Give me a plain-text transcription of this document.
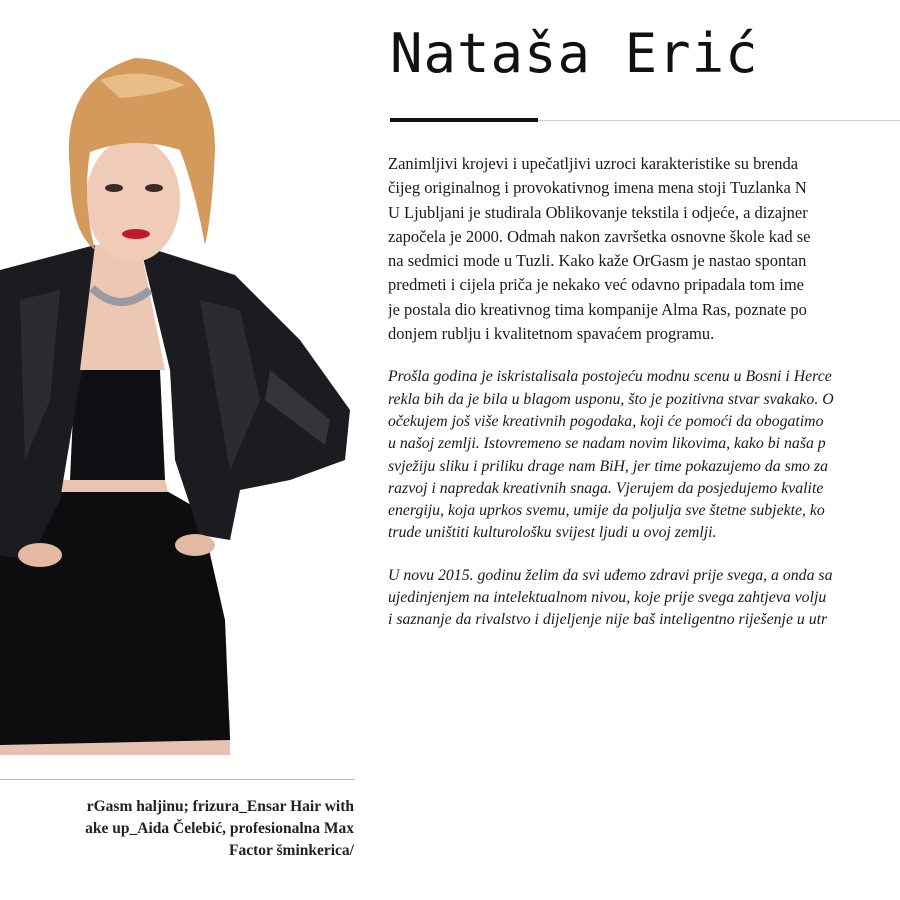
rGasm haljinu; frizura_Ensar Hair with
ake up_Aida Čelebić, profesionalna Max
Factor šminkerica/
Nataša Erić

Zanimljivi krojevi i upečatljivi uzroci karakteristike su brenda
čijeg originalnog i provokativnog imena mena stoji Tuzlanka N
U Ljubljani je studirala Oblikovanje tekstila i odjeće, a dizajner
započela je 2000. Odmah nakon završetka osnovne škole kad se
na sedmici mode u Tuzli. Kako kaže OrGasm je nastao spontan
predmeti i cijela priča je nekako već odavno pripadala tom ime
je postala dio kreativnog tima kompanije Alma Ras, poznate po
donjem rublju i kvalitetnom spavaćem programu.

Prošla godina je iskristalisala postojeću modnu scenu u Bosni i Herce
rekla bih da je bila u blagom usponu, što je pozitivna stvar svakako. O
očekujem još više kreativnih pogodaka, koji će pomoći da obogatimo
u našoj zemlji. Istovremeno se nadam novim likovima, kako bi naša p
svježiju sliku i priliku drage nam BiH, jer time pokazujemo da smo za
razvoj i napredak kreativnih snaga. Vjerujem da posjedujemo kvalite
energiju, koja uprkos svemu, umije da poljulja sve štetne subjekte, ko
trude uništiti kulturološku svijest ljudi u ovoj zemlji.

U novu 2015. godinu želim da svi uđemo zdravi prije svega, a onda sa
ujedinjenjem na intelektualnom nivou, koje prije svega zahtjeva volju
i saznanje da rivalstvo i dijeljenje nije baš inteligentno riješenje u utr
